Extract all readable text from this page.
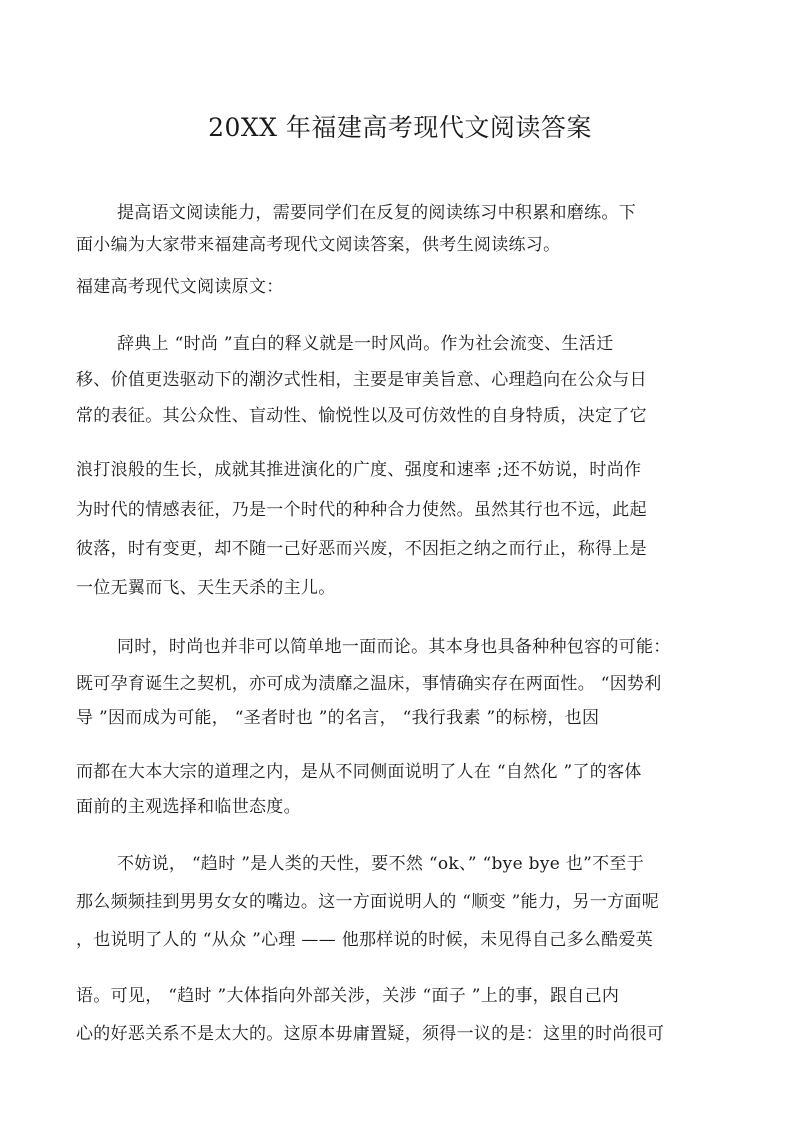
20XX 年福建高考现代文阅读答案
提高语文阅读能力，需要同学们在反复的阅读练习中积累和磨练。下
面小编为大家带来福建高考现代文阅读答案，供考生阅读练习。
福建高考现代文阅读原文：
辞典上 “时尚 ”直白的释义就是一时风尚。作为社会流变、生活迁
移、价值更迭驱动下的潮汐式性相，主要是审美旨意、心理趋向在公众与日
常的表征。其公众性、盲动性、愉悦性以及可仿效性的自身特质，决定了它
浪打浪般的生长，成就其推进演化的广度、强度和速率 ;还不妨说，时尚作
为时代的情感表征，乃是一个时代的种种合力使然。虽然其行也不远，此起
彼落，时有变更，却不随一己好恶而兴废，不因拒之纳之而行止，称得上是
一位无翼而飞、天生天杀的主儿。
同时，时尚也并非可以简单地一面而论。其本身也具备种种包容的可能：
既可孕育诞生之契机，亦可成为渍靡之温床，事情确实存在两面性。 “因势利
导 ”因而成为可能， “圣者时也 ”的名言， “我行我素 ”的标榜，也因
而都在大本大宗的道理之内，是从不同侧面说明了人在 “自然化 ”了的客体
面前的主观选择和临世态度。
不妨说， “趋时 ”是人类的天性，要不然 “ok、” “bye bye 也”不至于
那么频频挂到男男女女的嘴边。这一方面说明人的 “顺变 ”能力，另一方面呢
，也说明了人的 “从众 ”心理 —— 他那样说的时候，未见得自己多么酷爱英
语。可见， “趋时 ”大体指向外部关涉，关涉 “面子 ”上的事，跟自己内
心的好恶关系不是太大的。这原本毋庸置疑，须得一议的是：这里的时尚很可
